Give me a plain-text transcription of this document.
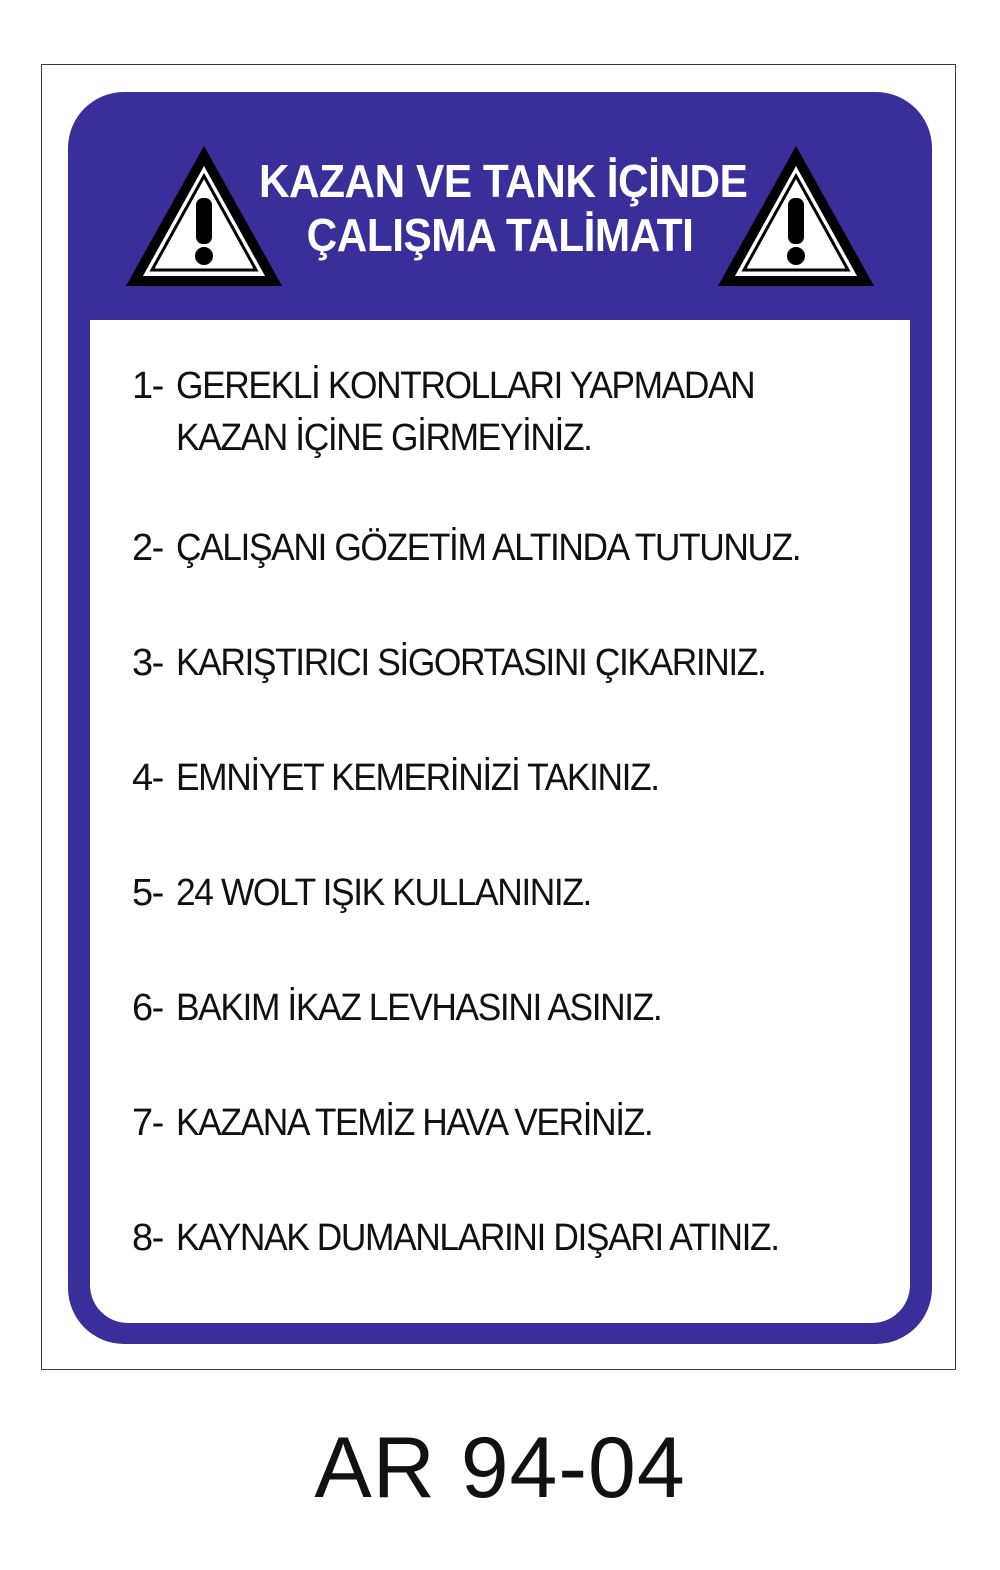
KAZAN VE TANK İÇİNDE
ÇALIŞMA TALİMATI
1- GEREKLİ KONTROLLARI YAPMADAN
KAZAN İÇİNE GİRMEYİNİZ.
2- ÇALIŞANI GÖZETİM ALTINDA TUTUNUZ.
3- KARIŞTIRICI SİGORTASINI ÇIKARINIZ.
4- EMNİYET KEMERİNİZİ TAKINIZ.
5- 24 WOLT IŞIK KULLANINIZ.
6- BAKIM İKAZ LEVHASINI ASINIZ.
7- KAZANA TEMİZ HAVA VERİNİZ.
8- KAYNAK DUMANLARINI DIŞARI ATINIZ.
AR 94-04
